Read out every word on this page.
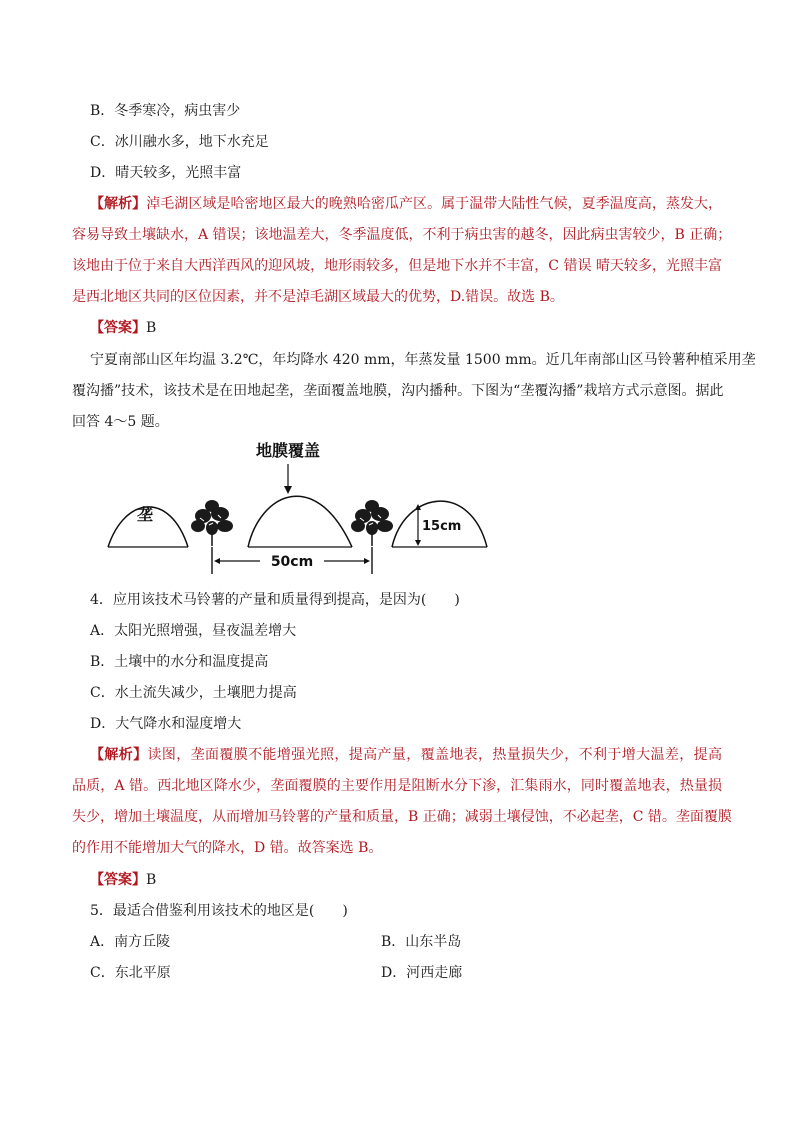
B．冬季寒冷，病虫害少
C．冰川融水多，地下水充足
D．晴天较多，光照丰富
【解析】淖毛湖区域是哈密地区最大的晚熟哈密瓜产区。属于温带大陆性气候，夏季温度高，蒸发大，
容易导致土壤缺水，A 错误；该地温差大，冬季温度低，不利于病虫害的越冬，因此病虫害较少，B 正确；
该地由于位于来自大西洋西风的迎风坡，地形雨较多，但是地下水并不丰富，C 错误 晴天较多，光照丰富
是西北地区共同的区位因素，并不是淖毛湖区域最大的优势，D.错误。故选 B。
【答案】B
宁夏南部山区年均温 3.2℃，年均降水 420 mm，年蒸发量 1500 mm。近几年南部山区马铃薯种植采用垄
覆沟播”技术，该技术是在田地起垄，垄面覆盖地膜，沟内播种。下图为“垄覆沟播”栽培方式示意图。据此
回答 4～5 题。
地膜覆盖
垄
15cm
50cm
4．应用该技术马铃薯的产量和质量得到提高，是因为(　　)
A．太阳光照增强，昼夜温差增大
B．土壤中的水分和温度提高
C．水土流失减少，土壤肥力提高
D．大气降水和湿度增大
【解析】读图，垄面覆膜不能增强光照，提高产量，覆盖地表，热量损失少，不利于增大温差，提高
品质，A 错。西北地区降水少，垄面覆膜的主要作用是阻断水分下渗，汇集雨水，同时覆盖地表，热量损
失少，增加土壤温度，从而增加马铃薯的产量和质量，B 正确；减弱土壤侵蚀，不必起垄，C 错。垄面覆膜
的作用不能增加大气的降水，D 错。故答案选 B。
【答案】B
5．最适合借鉴利用该技术的地区是(　　)
A．南方丘陵	B．山东半岛
C．东北平原	D．河西走廊
